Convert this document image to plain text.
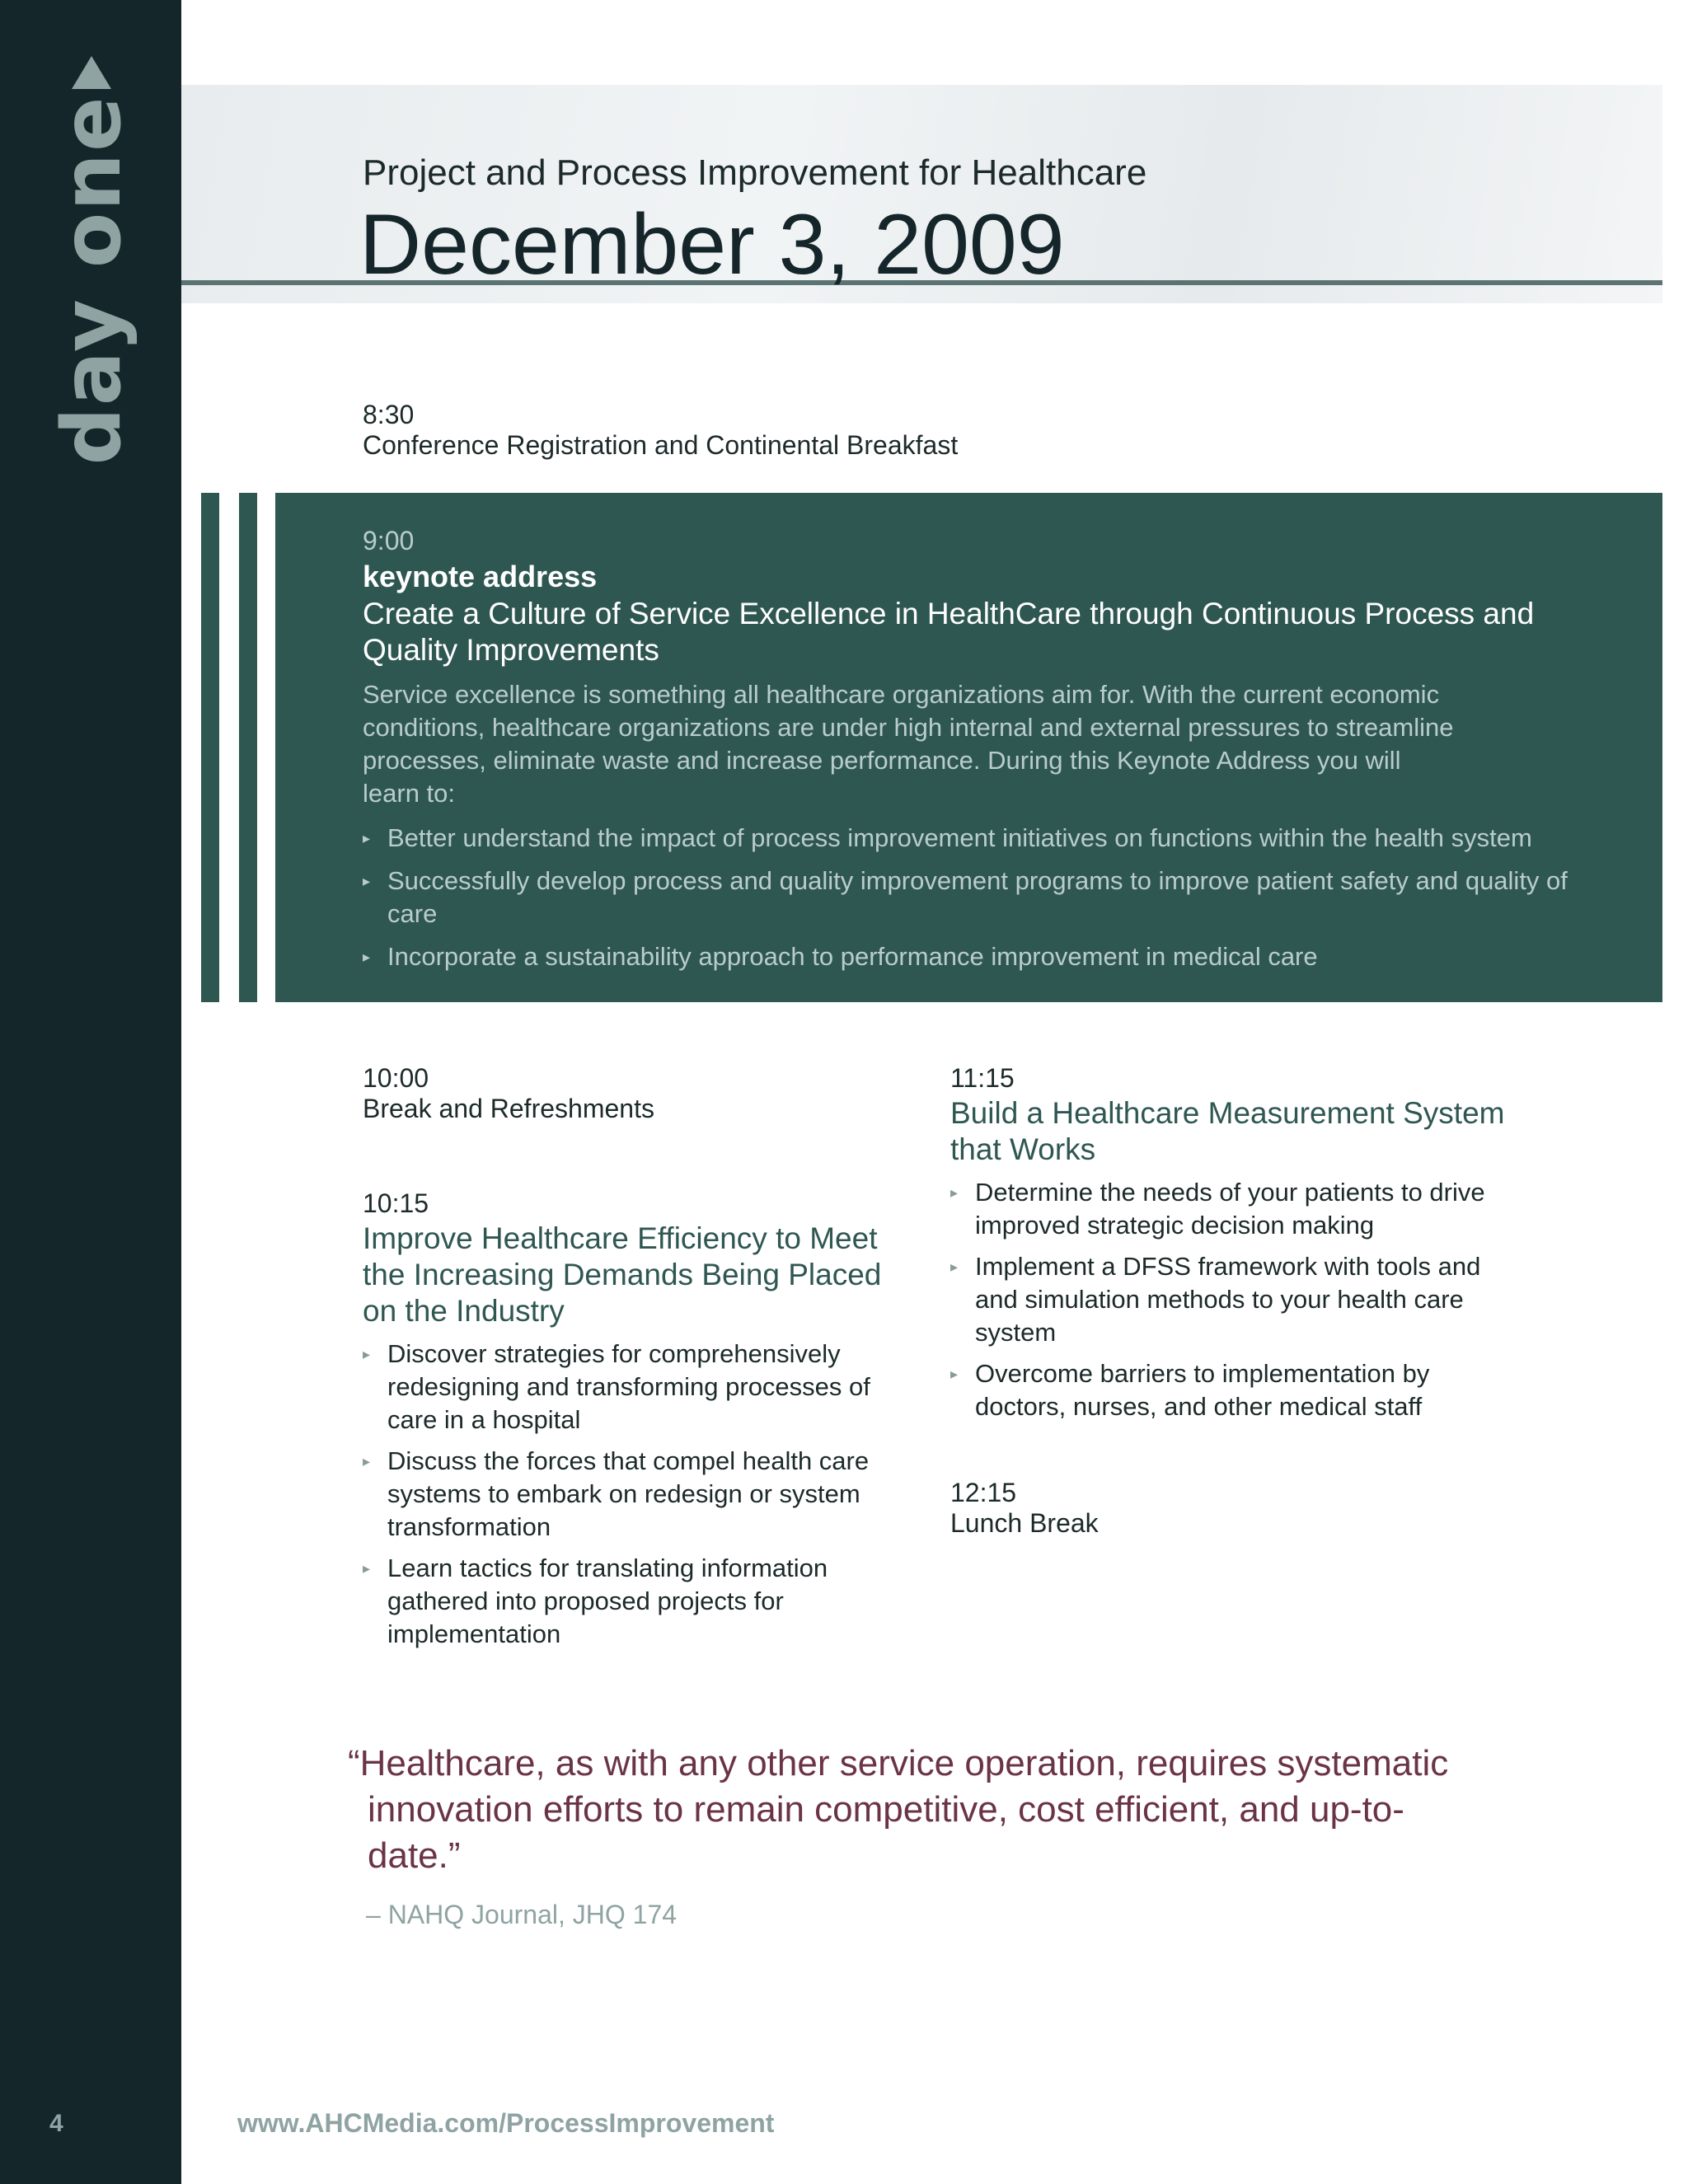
day one
4
Project and Process Improvement for Healthcare
December 3, 2009
8:30
Conference Registration and Continental Breakfast
9:00
keynote address
Create a Culture of Service Excellence in HealthCare through Continuous Process and Quality Improvements
Service excellence is something all healthcare organizations aim for. With the current economic conditions, healthcare organizations are under high internal and external pressures to streamline processes, eliminate waste and increase performance. During this Keynote Address you will learn to:
▸ Better understand the impact of process improvement initiatives on functions within the health system
▸ Successfully develop process and quality improvement programs to improve patient safety and quality of care
▸ Incorporate a sustainability approach to performance improvement in medical care
10:00
Break and Refreshments
10:15
Improve Healthcare Efficiency to Meet the Increasing Demands Being Placed on the Industry
▸ Discover strategies for comprehensively redesigning and transforming processes of care in a hospital
▸ Discuss the forces that compel health care systems to embark on redesign or system transformation
▸ Learn tactics for translating information gathered into proposed projects for implementation
11:15
Build a Healthcare Measurement System that Works
▸ Determine the needs of your patients to drive improved strategic decision making
▸ Implement a DFSS framework with tools and and simulation methods to your health care system
▸ Overcome barriers to implementation by doctors, nurses, and other medical staff
12:15
Lunch Break
“Healthcare, as with any other service operation, requires systematic innovation efforts to remain competitive, cost efficient, and up-to-date.”
– NAHQ Journal, JHQ 174
www.AHCMedia.com/ProcessImprovement
